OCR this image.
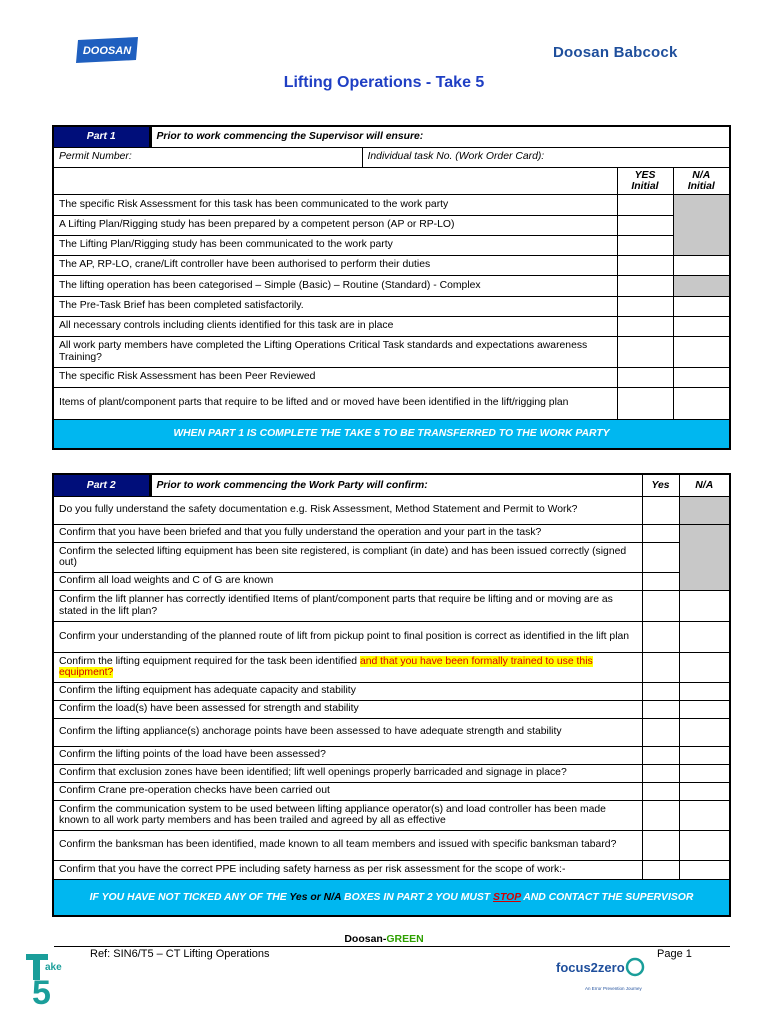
DOOSAN	Doosan Babcock
Lifting Operations - Take 5
Part 1	Prior to work commencing the Supervisor will ensure:			
Permit Number:		Individual task No. (Work Order Card):		
			YES Initial	N/A Initial
The specific Risk Assessment for this task has been communicated to the work party				
A Lifting Plan/Rigging study has been prepared by a competent person (AP or RP-LO)				
The Lifting Plan/Rigging study has been communicated to the work party				
The AP, RP-LO, crane/Lift controller have been authorised to perform their duties				
The lifting operation has been categorised – Simple (Basic) – Routine (Standard) - Complex				
The Pre-Task Brief has been completed satisfactorily.				
All necessary controls including clients identified for this task are in place				
All work party members have completed the Lifting Operations Critical Task standards and expectations awareness Training?				
The specific Risk Assessment has been Peer Reviewed				
Items of plant/component parts that require to be lifted and or moved have been identified in the lift/rigging plan				
WHEN PART 1 IS COMPLETE THE TAKE 5 TO BE TRANSFERRED TO THE WORK PARTY				
Part 2	Prior to work commencing the Work Party will confirm:	Yes	N/A
Do you fully understand the safety documentation e.g. Risk Assessment, Method Statement and Permit to Work?			
Confirm that you have been briefed and that you fully understand the operation and your part in the task?			
Confirm the selected lifting equipment has been site registered, is compliant (in date) and has been issued correctly (signed out)			
Confirm all load weights and C of G are known			
Confirm the lift planner has correctly identified Items of plant/component parts that require be lifting and or moving are as stated in the lift plan?			
Confirm your understanding of the planned route of lift from pickup point to final position is correct as identified in the lift plan			
Confirm the lifting equipment required for the task been identified and that you have been formally trained to use this equipment?			
Confirm the lifting equipment has adequate capacity and stability			
Confirm the load(s) have been assessed for strength and stability			
Confirm the lifting appliance(s) anchorage points have been assessed to have adequate strength and stability			
Confirm the lifting points of the load have been assessed?			
Confirm that exclusion zones have been identified; lift well openings properly barricaded and signage in place?			
Confirm Crane pre-operation checks have been carried out			
Confirm the communication system to be used between lifting appliance operator(s) and load controller has been made known to all work party members and has been trailed and agreed by all as effective			
Confirm the banksman has been identified, made known to all team members and issued with specific banksman tabard?			
Confirm that you have the correct PPE including safety harness as per risk assessment for the scope of work:-			
IF YOU HAVE NOT TICKED ANY OF THE Yes or N/A BOXES IN PART 2 YOU MUST STOP AND CONTACT THE SUPERVISOR			
Doosan-GREEN
Ref: SIN6/T5 – CT Lifting Operations	Page 1
ake
5
focus2zero
An Error Prevention Journey
